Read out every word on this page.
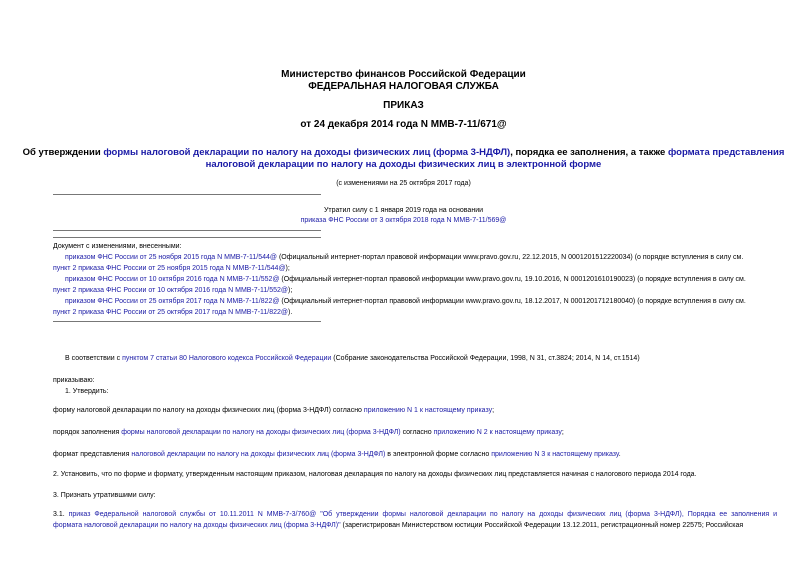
Министерство финансов Российской Федерации
ФЕДЕРАЛЬНАЯ НАЛОГОВАЯ СЛУЖБА
ПРИКАЗ
от 24 декабря 2014 года N ММВ-7-11/671@
Об утверждении формы налоговой декларации по налогу на доходы физических лиц (форма 3-НДФЛ), порядка ее заполнения, а также формата представления
налоговой декларации по налогу на доходы физических лиц в электронной форме
(с изменениями на 25 октября 2017 года)
Утратил силу с 1 января 2019 года на основании
приказа ФНС России от 3 октября 2018 года N ММВ-7-11/569@
Документ с изменениями, внесенными:
приказом ФНС России от 25 ноября 2015 года N ММВ-7-11/544@ (Официальный интернет-портал правовой информации www.pravo.gov.ru, 22.12.2015, N 0001201512220034) (о порядке вступления в силу см.
пункт 2 приказа ФНС России от 25 ноября 2015 года N ММВ-7-11/544@);
приказом ФНС России от 10 октября 2016 года N ММВ-7-11/552@ (Официальный интернет-портал правовой информации www.pravo.gov.ru, 19.10.2016, N 0001201610190023) (о порядке вступления в силу см.
пункт 2 приказа ФНС России от 10 октября 2016 года N ММВ-7-11/552@);
приказом ФНС России от 25 октября 2017 года N ММВ-7-11/822@ (Официальный интернет-портал правовой информации www.pravo.gov.ru, 18.12.2017, N 0001201712180040) (о порядке вступления в силу см.
пункт 2 приказа ФНС России от 25 октября 2017 года N ММВ-7-11/822@).
В соответствии с пунктом 7 статьи 80 Налогового кодекса Российской Федерации (Собрание законодательства Российской Федерации, 1998, N 31, ст.3824; 2014, N 14, ст.1514)
приказываю:
1. Утвердить:
форму налоговой декларации по налогу на доходы физических лиц (форма 3-НДФЛ) согласно приложению N 1 к настоящему приказу;
порядок заполнения формы налоговой декларации по налогу на доходы физических лиц (форма 3-НДФЛ) согласно приложению N 2 к настоящему приказу;
формат представления налоговой декларации по налогу на доходы физических лиц (форма 3-НДФЛ) в электронной форме согласно приложению N 3 к настоящему приказу.
2. Установить, что по форме и формату, утвержденным настоящим приказом, налоговая декларация по налогу на доходы физических лиц представляется начиная с налогового периода 2014 года.
3. Признать утратившими силу:
3.1. приказ Федеральной налоговой службы от 10.11.2011 N ММВ-7-3/760@ "Об утверждении формы налоговой декларации по налогу на доходы физических лиц (форма 3-НДФЛ), Порядка ее заполнения и
формата налоговой декларации по налогу на доходы физических лиц (форма 3-НДФЛ)" (зарегистрирован Министерством юстиции Российской Федерации 13.12.2011, регистрационный номер 22575; Российская
